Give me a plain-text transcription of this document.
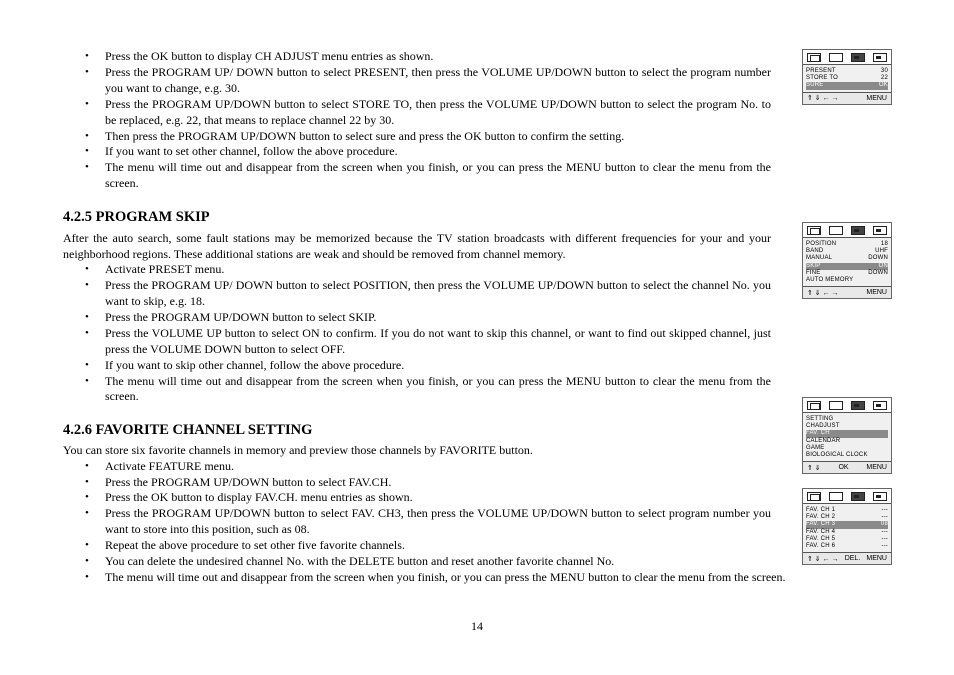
• Press the OK button to display CH ADJUST menu entries as shown.
• Press the PROGRAM UP/ DOWN button to select PRESENT, then press the VOLUME UP/DOWN button to select the program number you want to change, e.g. 30.
• Press the PROGRAM UP/DOWN button to select STORE TO, then press the VOLUME UP/DOWN button to select the program No. to be replaced, e.g. 22, that means to replace channel 22 by 30.
• Then press the PROGRAM UP/DOWN button to select sure and press the OK button to confirm the setting.
• If you want to set other channel, follow the above procedure.
• The menu will time out and disappear from the screen when you finish, or you can press the MENU button to clear the menu from the screen.
4.2.5 PROGRAM SKIP

After the auto search, some fault stations may be memorized because the TV station broadcasts with different frequencies for your and your neighborhood regions. These additional stations are weak and should be removed from channel memory.

• Activate PRESET menu.
• Press the PROGRAM UP/ DOWN button to select POSITION, then press the VOLUME UP/DOWN button to select the channel No. you want to skip, e.g. 18.
• Press the PROGRAM UP/DOWN button to select SKIP.
• Press the VOLUME UP button to select ON to confirm. If you do not want to skip this channel, or want to find out skipped channel, just press the VOLUME DOWN button to select OFF.
• If you want to skip other channel, follow the above procedure.
• The menu will time out and disappear from the screen when you finish, or you can press the MENU button to clear the menu from the screen.
4.2.6 FAVORITE CHANNEL SETTING

You can store six favorite channels in memory and preview those channels by FAVORITE button.

• Activate FEATURE menu.
• Press the PROGRAM UP/DOWN button to select FAV.CH.
• Press the OK button to display FAV.CH. menu entries as shown.
• Press the PROGRAM UP/DOWN button to select FAV. CH3, then press the VOLUME UP/DOWN button to select program number you want to store into this position, such as 08.
• Repeat the above procedure to set other five favorite channels.
• You can delete the undesired channel No. with the DELETE button and reset another favorite channel No.
• The menu will time out and disappear from the screen when you finish, or you can press the MENU button to clear the menu from the screen.
14
PRESENT	30
STORE TO	22
SURE	OK
⇑ ⇓ ← →	MENU
POSITION	18
BAND	UHF
MANUAL	DOWN
SKIP	ON
FINE	DOWN
AUTO MEMORY
⇑ ⇓ ← →	MENU
SETTING
CHADJUST
FAV. CH
CALENDAR
GAME
BIOLOGICAL CLOCK
⇑ ⇓	OK	MENU
FAV. CH 1	---
FAV. CH 2	---
FAV. CH 3	08
FAV. CH 4	---
FAV. CH 5	---
FAV. CH 6	---
⇑ ⇓ ← → DEL. MENU
